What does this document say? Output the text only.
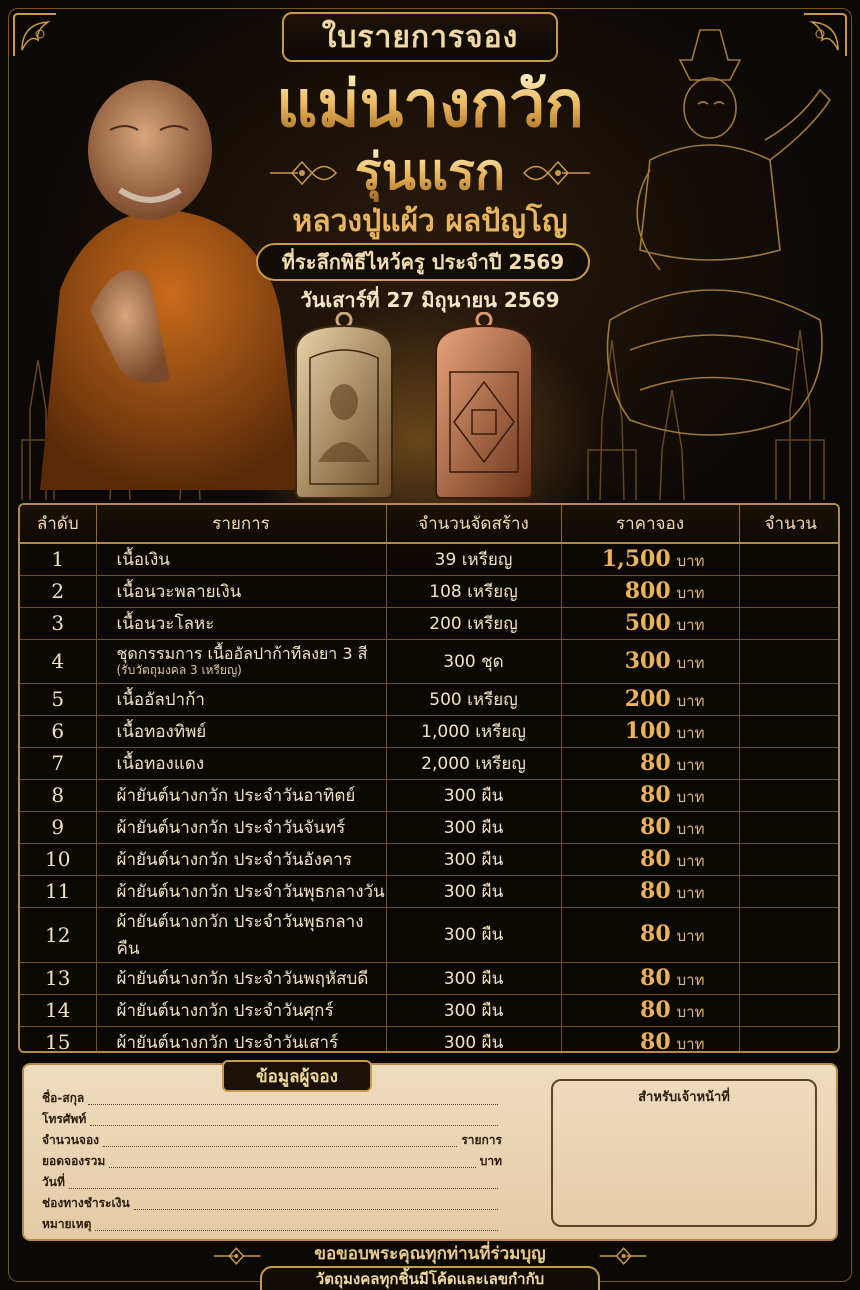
ใบรายการจอง
แม่นางกวัก
รุ่นแรก
หลวงปู่แผ้ว ผลปัญโญ
ที่ระลึกพิธีไหว้ครู ประจำปี 2569
วันเสาร์ที่ 27 มิถุนายน 2569
ลำดับ	รายการ	จำนวนจัดสร้าง	ราคาจอง	จำนวน
1	เนื้อเงิน	39 เหรียญ	1,500 บาท	
2	เนื้อนวะพลายเงิน	108 เหรียญ	800 บาท	
3	เนื้อนวะโลหะ	200 เหรียญ	500 บาท	
4	ชุดกรรมการ เนื้ออัลปาก้าทีลงยา 3 สี
(รับวัตถุมงคล 3 เหรียญ)	300 ชุด	300 บาท	
5	เนื้ออัลปาก้า	500 เหรียญ	200 บาท	
6	เนื้อทองทิพย์	1,000 เหรียญ	100 บาท	
7	เนื้อทองแดง	2,000 เหรียญ	80 บาท	
8	ผ้ายันต์นางกวัก ประจำวันอาทิตย์	300 ผืน	80 บาท	
9	ผ้ายันต์นางกวัก ประจำวันจันทร์	300 ผืน	80 บาท	
10	ผ้ายันต์นางกวัก ประจำวันอังคาร	300 ผืน	80 บาท	
11	ผ้ายันต์นางกวัก ประจำวันพุธกลางวัน	300 ผืน	80 บาท	
12	ผ้ายันต์นางกวัก ประจำวันพุธกลางคืน	300 ผืน	80 บาท	
13	ผ้ายันต์นางกวัก ประจำวันพฤหัสบดี	300 ผืน	80 บาท	
14	ผ้ายันต์นางกวัก ประจำวันศุกร์	300 ผืน	80 บาท	
15	ผ้ายันต์นางกวัก ประจำวันเสาร์	300 ผืน	80 บาท	

ข้อมูลผู้จอง
ชื่อ-สกุล
โทรศัพท์
จำนวนจอง	รายการ
ยอดจองรวม	บาท
วันที่
ช่องทางชำระเงิน
หมายเหตุ
สำหรับเจ้าหน้าที่
ขอขอบพระคุณทุกท่านที่ร่วมบุญ
วัตถุมงคลทุกชิ้นมีโค้ดและเลขกำกับ
